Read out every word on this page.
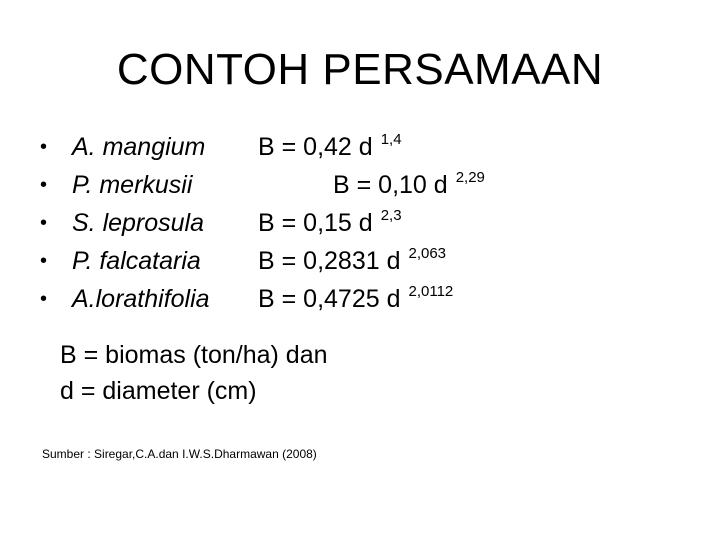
CONTOH PERSAMAAN
• A. mangium
• P. merkusii
• S. leprosula
• P. falcataria
• A.lorathifolia
B = 0,42 d $^{1,4}$
B = 0,10 d $^{2,29}$
B = 0,15 d $^{2,3}$
B = 0,2831 d $^{2,063}$
B = 0,4725 d $^{2,0112}$
B = biomas (ton/ha) dan
d = diameter (cm)
Sumber : Siregar,C.A.dan I.W.S.Dharmawan (2008)
